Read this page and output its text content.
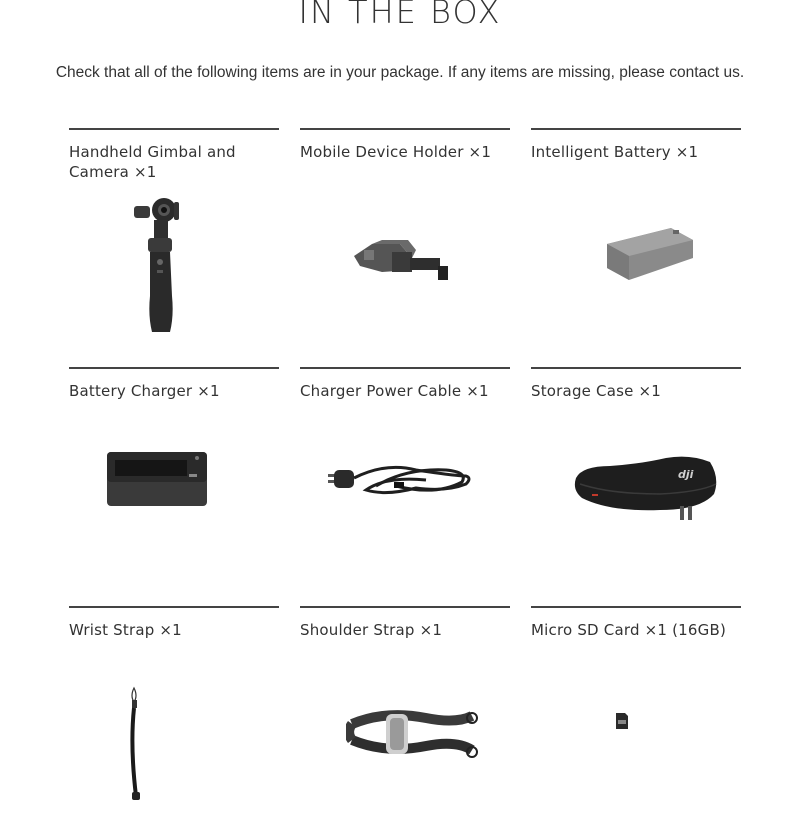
IN THE BOX

Check that all of the following items are in your package. If any items are missing, please contact us.

Handheld Gimbal and Camera ×1
Mobile Device Holder ×1	Intelligent Battery ×1
Battery Charger ×1	Charger Power Cable ×1	Storage Case ×1
Wrist Strap ×1	Shoulder Strap ×1	Micro SD Card ×1 (16GB)
dji
